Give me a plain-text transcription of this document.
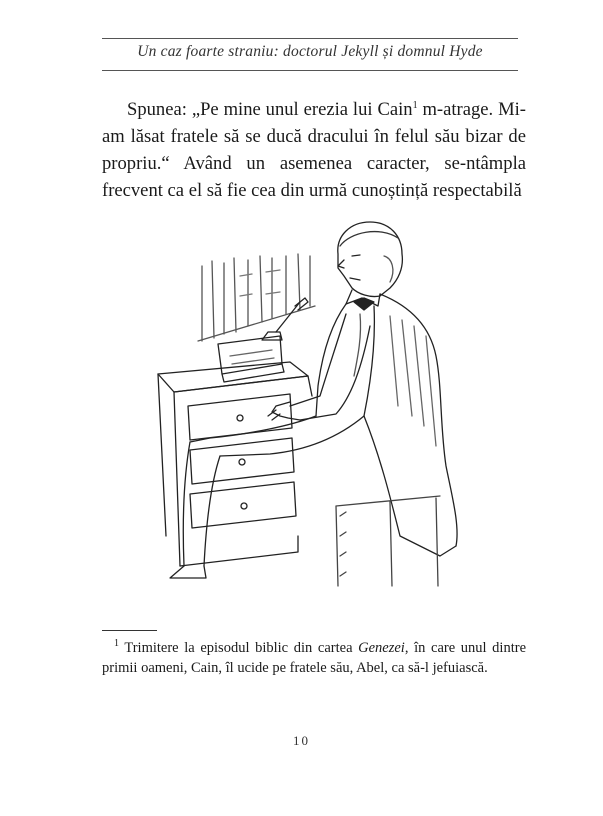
Un caz foarte straniu: doctorul Jekyll și domnul Hyde

Spunea: „Pe mine unul erezia lui Cain$^1$ m-atrage. Mi-am lăsat fratele să se ducă dracului în felul său bizar de propriu.“ Având un asemenea caracter, se-ntâmpla frecvent ca el să fie cea din urmă cunoștință respectabilă

$^1$ Trimitere la episodul biblic din cartea Genezei, în care unul dintre primii oameni, Cain, îl ucide pe fratele său, Abel, ca să-l jefuiască.

10
